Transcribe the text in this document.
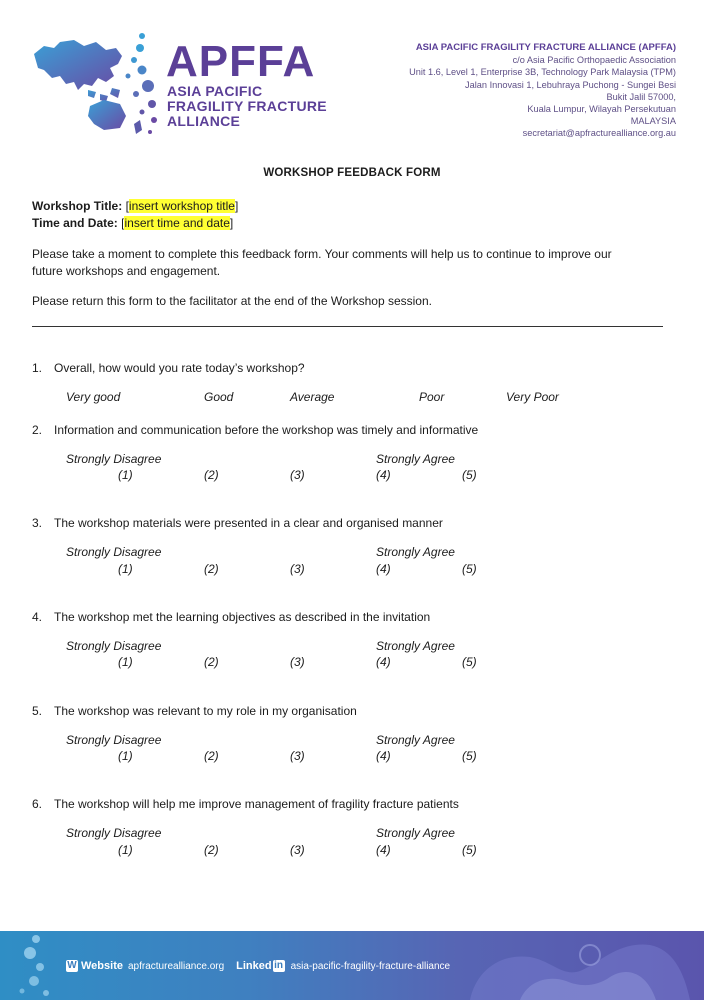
APFFA
ASIA PACIFIC
FRAGILITY FRACTURE
ALLIANCE
ASIA PACIFIC FRAGILITY FRACTURE ALLIANCE (APFFA)
c/o Asia Pacific Orthopaedic Association
Unit 1.6, Level 1, Enterprise 3B, Technology Park Malaysia (TPM)
Jalan Innovasi 1, Lebuhraya Puchong - Sungei Besi
Bukit Jalil 57000,
Kuala Lumpur, Wilayah Persekutuan
MALAYSIA
secretariat@apfracturealliance.org.au
WORKSHOP FEEDBACK FORM
Workshop Title: [insert workshop title]
Time and Date: [insert time and date]
Please take a moment to complete this feedback form. Your comments will help us to continue to improve our
future workshops and engagement.
Please return this form to the facilitator at the end of the Workshop session.
1. Overall, how would you rate today’s workshop?
Very good	Good	Average	Poor	Very Poor
2. Information and communication before the workshop was timely and informative
Strongly Disagree	Strongly Agree
(1)	(2)	(3)	(4)	(5)
3. The workshop materials were presented in a clear and organised manner
Strongly Disagree	Strongly Agree
(1)	(2)	(3)	(4)	(5)
4. The workshop met the learning objectives as described in the invitation
Strongly Disagree	Strongly Agree
(1)	(2)	(3)	(4)	(5)
5. The workshop was relevant to my role in my organisation
Strongly Disagree	Strongly Agree
(1)	(2)	(3)	(4)	(5)
6. The workshop will help me improve management of fragility fracture patients
Strongly Disagree	Strongly Agree
(1)	(2)	(3)	(4)	(5)
W Website apfracturealliance.org Linked in asia-pacific-fragility-fracture-alliance
